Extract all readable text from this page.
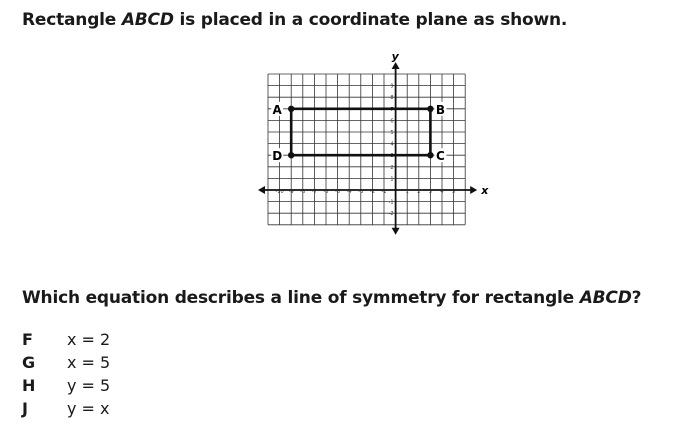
Rectangle ABCD is placed in a coordinate plane as shown.
x
y
-10 -9 -8 -7 -6 -5 -4 -3 -2 -1	1 2 3 4 5
-2
-1
1
2
3
4
5
6
7
8
9
A	B
C
D
Which equation describes a line of symmetry for rectangle ABCD?
F	x = 2
G	x = 5
H	y = 5
J	y = x
